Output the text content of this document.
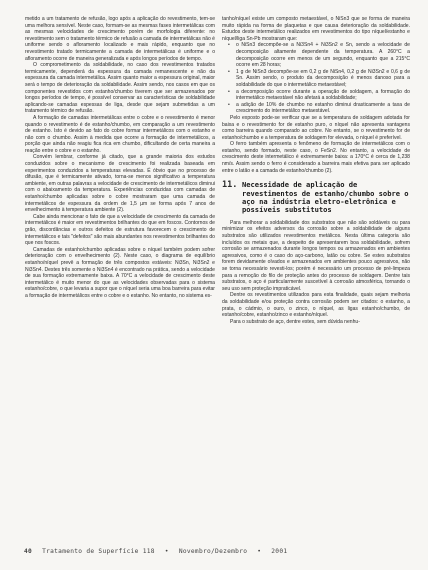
metido a um tratamento de refusão, logo após a aplicação do revestimento, tem-se uma melhora sensível. Neste caso, formam-se as mesmas fases intermetálicas com as mesmas velocidades de crescimento porém de morfologia diferente: no revestimento sem o tratamento térmico de refusão a camada de intermetálicas não é uniforme sendo o afloramento localizado e mais rápido, enquanto que no revestimento tratado termicamente a camada de intermetálicas é uniforme e o afloramento ocorre de maneira generalizada e após longos períodos de tempo.

O comprometimento da soldabilidade, no caso dos revestimentos tratados termicamente, dependerá da espessura da camada remanescente e não da espessura da camada intermetálica. Assim quanto maior a espessura original, maior será o tempo de deterioração da soldabilidade. Assim sendo, nos casos em que os componentes revestidos com estanho/chumbo tiverem que ser armazenados por longos períodos de tempo, é possível conservar as características de soldabilidade aplicando-se camadas espessas de liga, desde que sejam submetidas a um tratamento térmico de refusão.

A formação de camadas intermetálicas entre o cobre e o revestimento é menor quando o revestimento é de estanho/chumbo, em comparação a um revestimento de estanho. Isto é devido ao fato do cobre formar intermetálicos com o estanho e não com o chumbo. Assim à medida que ocorre a formação de intermetálicos, a porção que ainda não reagiu fica rica em chumbo, dificultando de certa maneira a reação entre o cobre e o estanho.

Convém lembrar, conforme já citado, que a grande maioria dos estudos conduzidos sobre o mecanismo de crescimento foi realizada baseada em experimentos conduzidos a temperaturas elevadas. É óbvio que no processo de difusão, que é termicamente ativado, torna-se menos significativo a temperatura ambiente, em outras palavras a velocidade de crescimento de intermetálicos diminui com o abaixamento da temperatura. Experiências conduzidas com camadas de estanho/chumbo aplicadas sobre o cobre mostraram que uma camada de intermetálicos de espessura da ordem de 1,5 µm se forma após 7 anos de envelhecimento à temperatura ambiente (2).

Cabe ainda mencionar o fato de que a velocidade de crescimento da camada de intermetálicos é maior em revestimentos brilhantes do que em foscos. Contornos de grão, discordâncias e outros defeitos de estrutura favorecem o crescimento de intermetálicos e tais "defeitos" são mais abundantes nos revestimentos brilhantes do que nos foscos.

Camadas de estanho/chumbo aplicadas sobre o níquel também podem sofrer deterioração com o envelhecimento (2). Neste caso, o diagrama de equilíbrio estanho/níquel prevê a formação de três compostos estáveis: Ni3Sn, Ni3Sn2 e Ni3Sn4. Destes três somente o Ni3Sn4 é encontrado na prática, sendo a velocidade de sua formação extremamente baixa. A 70°C a velocidade de crescimento deste intermetálico é muito menor do que as velocidades observadas para o sistema estanho/cobre, o que levaria a supor que o níquel seria uma boa barreira para evitar a formação de intermetálicos entre o cobre e o estanho. No entanto, no sistema es-

tanho/níquel existe um composto metaestável, o NiSn3 que se forma de maneira muito rápida na forma de plaquetas e que causa deterioração da soldabilidade. Estudos deste intermetálico realizados em revestimentos do tipo níquel/estanho e níquel/liga Sn-Pb mostraram que:

• o NiSn3 decompõe-se a Ni3Sn4 + Ni3Sn2 e Sn, sendo a velocidade de decomposição altamente dependente da temperatura. A 260°C a decomposição ocorre em menos de um segundo, enquanto que a 215°C ocorre em 28 horas;
• 1 g de NiSn3 decompõe-se em 0,2 g de NiSn4, 0,2 g de Ni3Sn2 e 0,6 g de Sn. Assim sendo, o produto da decomposição é menos danoso para a soldabilidade do que o intermetálico metaestável;
• a decomposição ocorre durante a operação de soldagem, a formação do intermetálico metaestável não afetará a soldabilidade;
• a adição de 10% de chumbo no estanho diminui drasticamente a taxa de crescimento do intermetálico metaestável.

Pelo exposto pode-se verificar que se a temperatura de soldagem adotada for baixa e o revestimento for de estanho puro, o níquel não apresenta vantagens como barreira quando comparado ao cobre. No entanto, se o revestimento for de estanho/chumbo e a temperatura de soldagem for elevada, o níquel é preferível.

O ferro também apresenta o fenômeno de formação de intermetálicos com o estanho, sendo formado, neste caso, o FeSn2. No entanto, a velocidade de crescimento deste intermetálico é extremamente baixa: a 170°C é cerca de 1,238 nm/s. Assim sendo o ferro é considerado a barreira mais efetiva para ser aplicado entre o latão e a camada de estanho/chumbo (2).

11. Necessidade de aplicação de revestimentos de estanho/chumbo sobre o aço na indústria eletro-eletrônica e possíveis substitutos

Para melhorar a soldabilidade dos substratos que não são soldáveis ou para minimizar os efeitos adversos da corrosão sobre a soldabilidade de alguns substratos são utilizados revestimentos metálicos. Nesta última categoria são incluídos os metais que, a despeito de apresentarem boa soldabilidade, sofrem corrosão se armazenados durante longos tempos ou armazenados em ambientes agressivos, como é o caso do aço-carbono, latão ou cobre. Se estes substratos forem devidamente olvados e armazenados em ambientes pouco agressivos, não se torna necessário revesti-los; porém é necessário um processo de pré-limpeza para a remoção do filo de proteção antes do processo de soldagem. Dentre tais substratos, o aço é particularmente suscetível à corrosão atmosférica, tornando o seu uso sem proteção impraticável.

Dentre os revestimentos utilizados para esta finalidade, quais sejam melhoria da soldabilidade e/ou proteção contra corrosão podem ser citados: o estanho, a prata, o cádmio, o ouro, o zinco, o níquel, as ligas estanho/chumbo, de estanho/cobre, estanho/zinco e estanho/níquel.

Para o substrato de aço, dentre estes, sem dúvida nenhu-

40 Tratamento de Superfície 118 • Novembro/Dezembro • 2001
